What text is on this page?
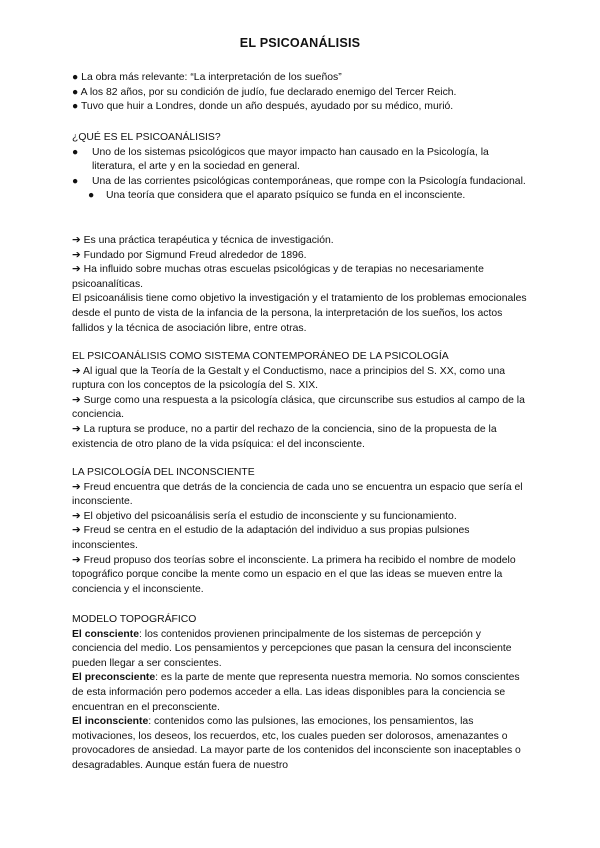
EL PSICOANÁLISIS

● La obra más relevante: “La interpretación de los sueños”

● A los 82 años, por su condición de judío, fue declarado enemigo del Tercer Reich.

● Tuvo que huir a Londres, donde un año después, ayudado por su médico, murió.

¿QUÉ ES EL PSICOANÁLISIS?

●	Uno de los sistemas psicológicos que mayor impacto han causado en la Psicología, la literatura, el arte y en la sociedad en general.
●	Una de las corrientes psicológicas contemporáneas, que rompe con la Psicología fundacional.
●	Una teoría que considera que el aparato psíquico se funda en el inconsciente.

➔ Es una práctica terapéutica y técnica de investigación.

➔ Fundado por Sigmund Freud alrededor de 1896.

➔ Ha influido sobre muchas otras escuelas psicológicas y de terapias no necesariamente psicoanalíticas.

El psicoanálisis tiene como objetivo la investigación y el tratamiento de los problemas emocionales desde el punto de vista de la infancia de la persona, la interpretación de los sueños, los actos fallidos y la técnica de asociación libre, entre otras.

EL PSICOANÁLISIS COMO SISTEMA CONTEMPORÁNEO DE LA PSICOLOGÍA

➔ Al igual que la Teoría de la Gestalt y el Conductismo, nace a principios del S. XX, como una ruptura con los conceptos de la psicología del S. XIX.

➔ Surge como una respuesta a la psicología clásica, que circunscribe sus estudios al campo de la conciencia.

➔ La ruptura se produce, no a partir del rechazo de la conciencia, sino de la propuesta de la existencia de otro plano de la vida psíquica: el del inconsciente.

LA PSICOLOGÍA DEL INCONSCIENTE

➔ Freud encuentra que detrás de la conciencia de cada uno se encuentra un espacio que sería el inconsciente.

➔ El objetivo del psicoanálisis sería el estudio de inconsciente y su funcionamiento.

➔ Freud se centra en el estudio de la adaptación del individuo a sus propias pulsiones inconscientes.

➔ Freud propuso dos teorías sobre el inconsciente. La primera ha recibido el nombre de modelo topográfico porque concibe la mente como un espacio en el que las ideas se mueven entre la conciencia y el inconsciente.

MODELO TOPOGRÁFICO

El consciente: los contenidos provienen principalmente de los sistemas de percepción y conciencia del medio. Los pensamientos y percepciones que pasan la censura del inconsciente pueden llegar a ser conscientes.

El preconsciente: es la parte de mente que representa nuestra memoria. No somos conscientes de esta información pero podemos acceder a ella. Las ideas disponibles para la conciencia se encuentran en el preconsciente.

El inconsciente: contenidos como las pulsiones, las emociones, los pensamientos, las motivaciones, los deseos, los recuerdos, etc, los cuales pueden ser dolorosos, amenazantes o provocadores de ansiedad. La mayor parte de los contenidos del inconsciente son inaceptables o desagradables. Aunque están fuera de nuestro
